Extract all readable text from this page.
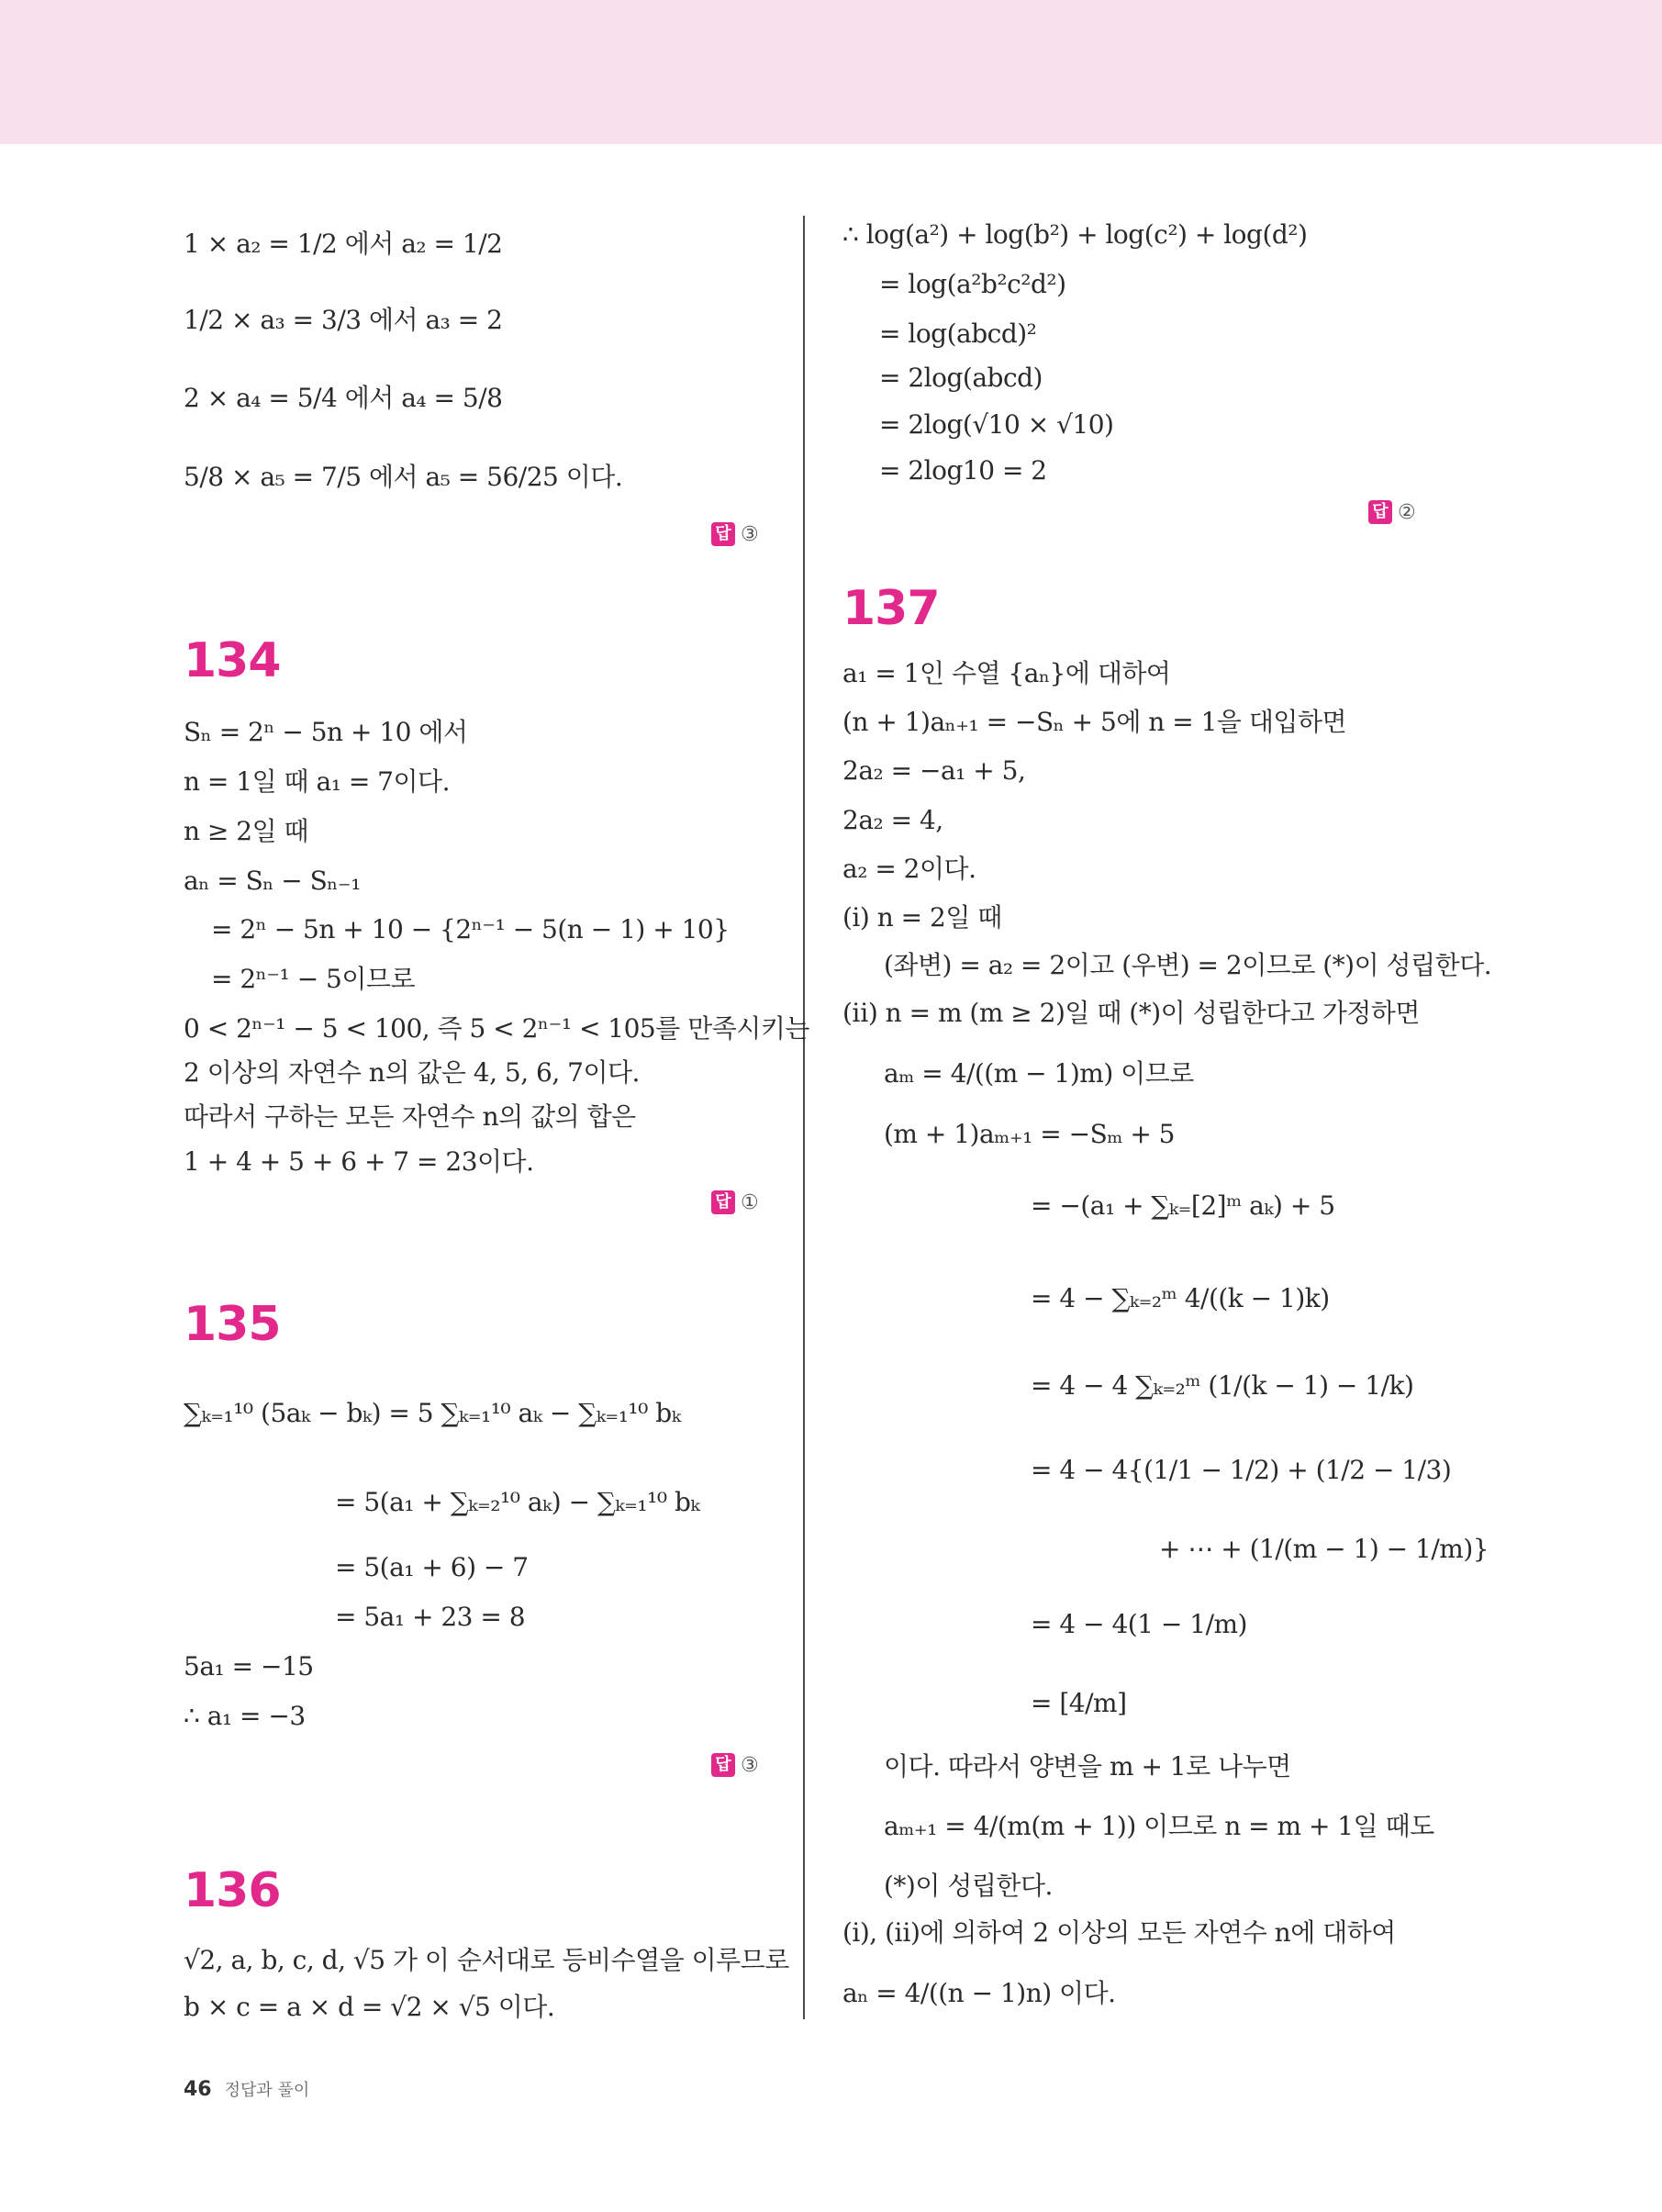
1 × a₂ = 1/2 에서 a₂ = 1/2
1/2 × a₃ = 3/3 에서 a₃ = 2
2 × a₄ = 5/4 에서 a₄ = 5/8
5/8 × a₅ = 7/5 에서 a₅ = 56/25 이다.
답 ③
134
Sₙ = 2ⁿ − 5n + 10 에서
n = 1일 때 a₁ = 7이다.
n ≥ 2일 때
aₙ = Sₙ − Sₙ₋₁
= 2ⁿ − 5n + 10 − {2ⁿ⁻¹ − 5(n − 1) + 10}
= 2ⁿ⁻¹ − 5이므로
0 < 2ⁿ⁻¹ − 5 < 100, 즉 5 < 2ⁿ⁻¹ < 105를 만족시키는
2 이상의 자연수 n의 값은 4, 5, 6, 7이다.
따라서 구하는 모든 자연수 n의 값의 합은
1 + 4 + 5 + 6 + 7 = 23이다.
답 ①
135
∑ₖ₌₁¹⁰ (5aₖ − bₖ) = 5 ∑ₖ₌₁¹⁰ aₖ − ∑ₖ₌₁¹⁰ bₖ
= 5(a₁ + ∑ₖ₌₂¹⁰ aₖ) − ∑ₖ₌₁¹⁰ bₖ
= 5(a₁ + 6) − 7
= 5a₁ + 23 = 8
5a₁ = −15
∴ a₁ = −3
답 ③
136
√2, a, b, c, d, √5 가 이 순서대로 등비수열을 이루므로
b × c = a × d = √2 × √5 이다.
∴ log(a²) + log(b²) + log(c²) + log(d²)
= log(a²b²c²d²)
= log(abcd)²
= 2log(abcd)
= 2log(√10 × √10)
= 2log10 = 2
답 ②
137
a₁ = 1인 수열 {aₙ}에 대하여
(n + 1)aₙ₊₁ = −Sₙ + 5에 n = 1을 대입하면
2a₂ = −a₁ + 5,
2a₂ = 4,
a₂ = 2이다.
(ⅰ) n = 2일 때
(좌변) = a₂ = 2이고 (우변) = 2이므로 (*)이 성립한다.
(ⅱ) n = m (m ≥ 2)일 때 (*)이 성립한다고 가정하면
aₘ = 4/((m − 1)m) 이므로
(m + 1)aₘ₊₁ = −Sₘ + 5
= −(a₁ + ∑ₖ₌[2]ᵐ aₖ) + 5
= 4 − ∑ₖ₌₂ᵐ 4/((k − 1)k)
= 4 − 4 ∑ₖ₌₂ᵐ (1/(k − 1) − 1/k)
= 4 − 4{(1/1 − 1/2) + (1/2 − 1/3)
+ ⋯ + (1/(m − 1) − 1/m)}
= 4 − 4(1 − 1/m)
= [4/m]
이다. 따라서 양변을 m + 1로 나누면
aₘ₊₁ = 4/(m(m + 1)) 이므로 n = m + 1일 때도
(*)이 성립한다.
(ⅰ), (ⅱ)에 의하여 2 이상의 모든 자연수 n에 대하여
aₙ = 4/((n − 1)n) 이다.
46 정답과 풀이
